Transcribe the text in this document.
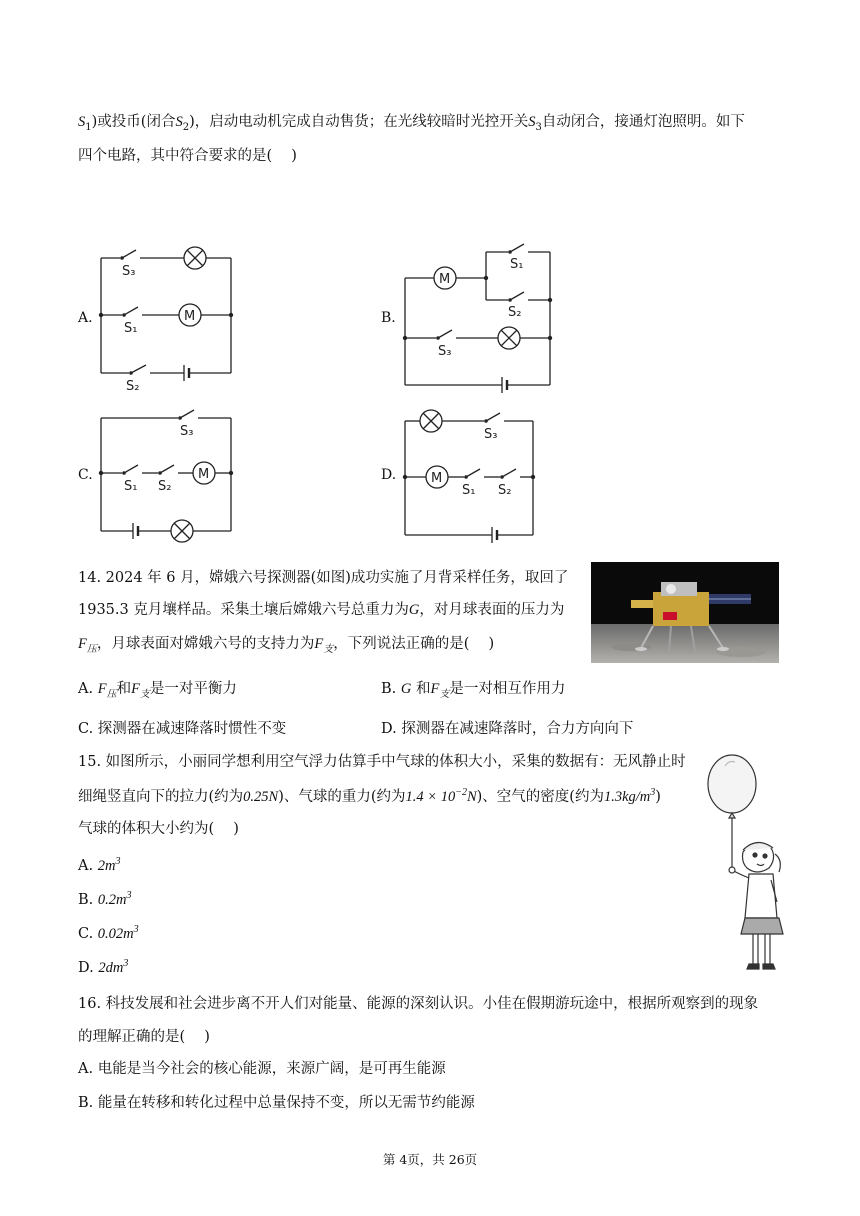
$S_1$)或投币(闭合$S_2$)，启动电动机完成自动售货；在光线较暗时光控开关$S_3$自动闭合，接通灯泡照明。如下
四个电路，其中符合要求的是(　 )
A.
S₃
M
S₁
S₂
B.
M
S₁
S₂
S₃
C.
S₃
M
S₁ S₂
D.
S₃
M
S₁ S₂
14. 2024 年 6 月，嫦娥六号探测器(如图)成功实施了月背采样任务，取回了
1935.3 克月壤样品。采集土壤后嫦娥六号总重力为G，对月球表面的压力为
$F_压$，月球表面对嫦娥六号的支持力为$F_支$，下列说法正确的是(　 )
A. $F_压$和$F_支$是一对平衡力	B. G 和$F_支$是一对相互作用力
C. 探测器在减速降落时惯性不变	D. 探测器在减速降落时，合力方向向下
15. 如图所示，小丽同学想利用空气浮力估算手中气球的体积大小，采集的数据有：无风静止时
细绳竖直向下的拉力(约为0.25N)、气球的重力(约为$1.4 \times 10^{-2}N$)、空气的密度(约为$1.3kg/m^3$)
气球的体积大小约为(　 )
A. $2m^3$
B. $0.2m^3$
C. $0.02m^3$
D. $2dm^3$
16. 科技发展和社会进步离不开人们对能量、能源的深刻认识。小佳在假期游玩途中，根据所观察到的现象
的理解正确的是(　 )
A. 电能是当今社会的核心能源，来源广阔，是可再生能源
B. 能量在转移和转化过程中总量保持不变，所以无需节约能源
第 4页，共 26页
